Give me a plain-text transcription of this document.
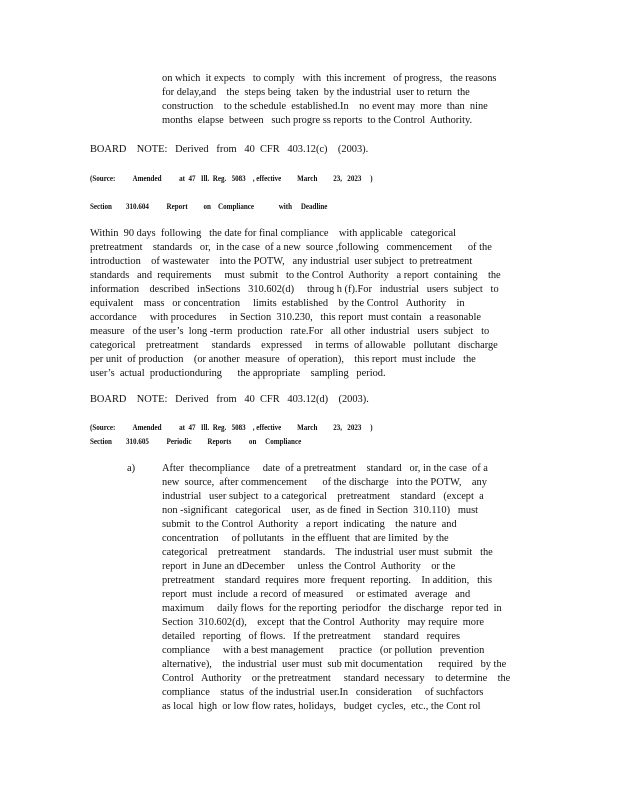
on which  it expects   to comply   with  this increment   of progress,   the reasons
for delay,and    the  steps being  taken  by the industrial  user to return  the
construction    to the schedule  established.In    no event may  more  than  nine
months  elapse  between   such progre ss reports  to the Control  Authority.
BOARD    NOTE:   Derived   from   40  CFR   403.12(c)    (2003).
(Source:          Amended          at  47   Ill.  Reg.   5083    , effective         March         23,   2023     )
Section        310.604          Report         on    Compliance              with     Deadline
Within  90 days  following   the date for final compliance    with applicable   categorical
pretreatment    standards   or,  in the case  of a new  source ,following   commencement      of the
introduction    of wastewater    into the POTW,   any industrial  user subject  to pretreatment
standards   and  requirements     must  submit   to the Control  Authority   a report  containing    the
information    described   inSections   310.602(d)     throug h (f).For   industrial   users  subject   to
equivalent    mass   or concentration     limits  established    by the Control   Authority    in
accordance     with procedures     in Section  310.230,   this report  must contain   a reasonable
measure   of the user’s  long -term  production   rate.For   all other  industrial   users  subject   to
categorical    pretreatment     standards    expressed     in terms  of allowable   pollutant   discharge
per unit  of production    (or another  measure   of operation),    this report  must include   the
user’s  actual  productionduring      the appropriate    sampling   period.
BOARD    NOTE:   Derived   from   40  CFR   403.12(d)    (2003).
(Source:          Amended          at  47   Ill.  Reg.   5083    , effective         March         23,   2023     )
Section        310.605          Periodic         Reports          on     Compliance
a)	After  thecompliance     date  of a pretreatment    standard   or, in the case  of a
new  source,  after commencement      of the discharge   into the POTW,    any
industrial   user subject  to a categorical    pretreatment    standard   (except  a
non -significant   categorical    user,  as de fined  in Section  310.110)   must
submit  to the Control  Authority   a report  indicating    the nature  and
concentration     of pollutants   in the effluent  that are limited  by the
categorical    pretreatment     standards.    The industrial  user must  submit   the
report  in June an dDecember     unless  the Control  Authority    or the
pretreatment    standard  requires  more  frequent  reporting.    In addition,   this
report  must  include  a record  of measured     or estimated   average   and
maximum     daily flows  for the reporting  periodfor   the discharge   repor ted  in
Section  310.602(d),    except  that the Control  Authority   may require  more
detailed   reporting   of flows.   If the pretreatment     standard   requires
compliance     with a best management      practice   (or pollution   prevention
alternative),    the industrial  user must  sub mit documentation      required   by the
Control   Authority    or the pretreatment     standard  necessary    to determine    the
compliance    status  of the industrial  user.In   consideration     of suchfactors
as local  high  or low flow rates, holidays,   budget  cycles,  etc., the Cont rol
